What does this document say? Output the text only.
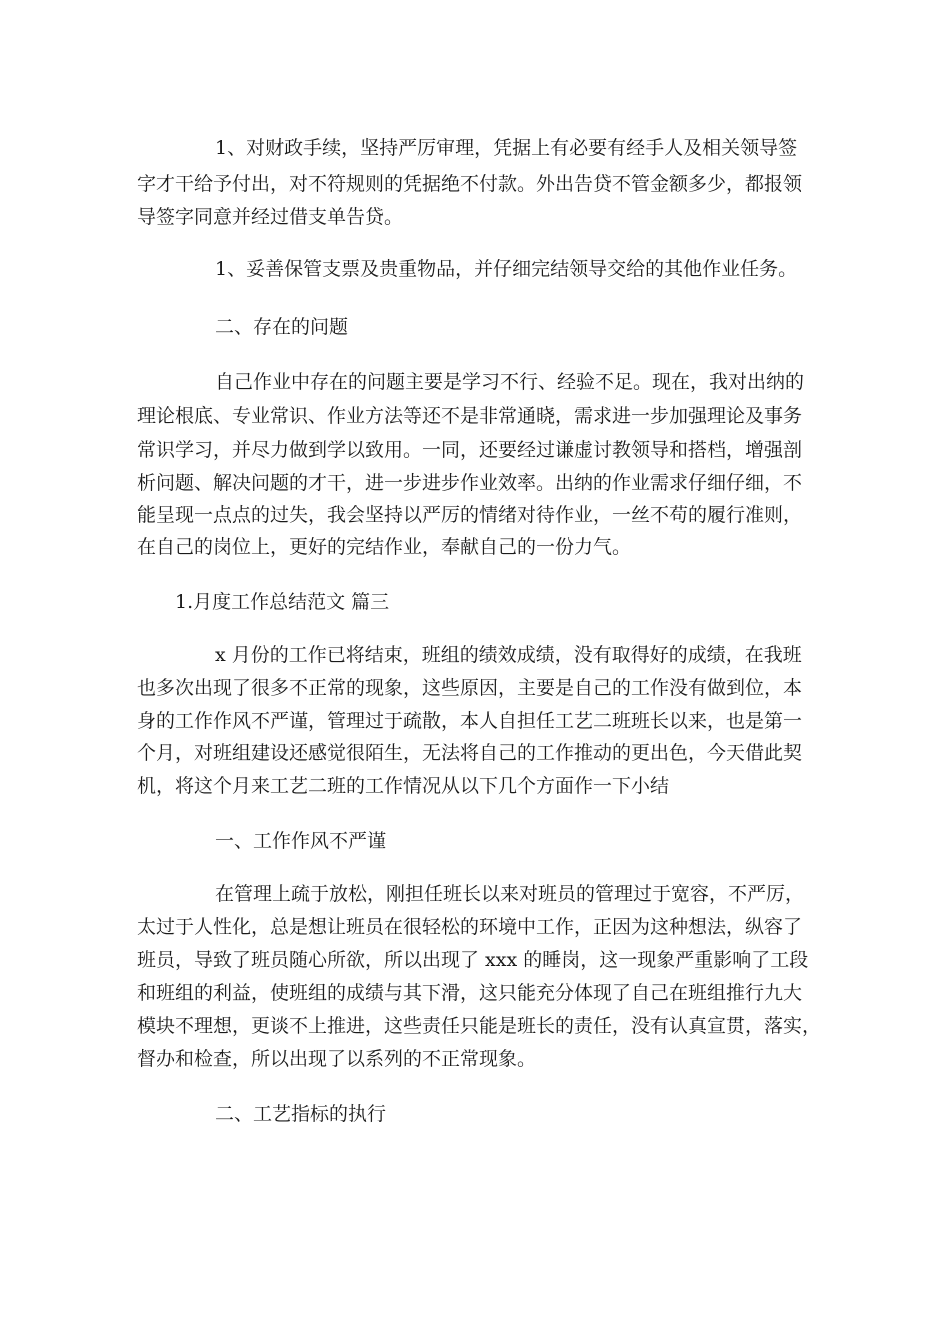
1、对财政手续，坚持严厉审理，凭据上有必要有经手人及相关领导签
字才干给予付出，对不符规则的凭据绝不付款。外出告贷不管金额多少，都报领
导签字同意并经过借支单告贷。
1、妥善保管支票及贵重物品，并仔细完结领导交给的其他作业任务。
二、存在的问题
自己作业中存在的问题主要是学习不行、经验不足。现在，我对出纳的
理论根底、专业常识、作业方法等还不是非常通晓，需求进一步加强理论及事务
常识学习，并尽力做到学以致用。一同，还要经过谦虚讨教领导和搭档，增强剖
析问题、解决问题的才干，进一步进步作业效率。出纳的作业需求仔细仔细，不
能呈现一点点的过失，我会坚持以严厉的情绪对待作业，一丝不苟的履行准则，
在自己的岗位上，更好的完结作业，奉献自己的一份力气。
1.月度工作总结范文 篇三
x 月份的工作已将结束，班组的绩效成绩，没有取得好的成绩，在我班
也多次出现了很多不正常的现象，这些原因，主要是自己的工作没有做到位，本
身的工作作风不严谨，管理过于疏散，本人自担任工艺二班班长以来，也是第一
个月，对班组建设还感觉很陌生，无法将自己的工作推动的更出色，今天借此契
机，将这个月来工艺二班的工作情况从以下几个方面作一下小结
一、工作作风不严谨
在管理上疏于放松，刚担任班长以来对班员的管理过于宽容，不严厉，
太过于人性化，总是想让班员在很轻松的环境中工作，正因为这种想法，纵容了
班员，导致了班员随心所欲，所以出现了 xxx 的睡岗，这一现象严重影响了工段
和班组的利益，使班组的成绩与其下滑，这只能充分体现了自己在班组推行九大
模块不理想，更谈不上推进，这些责任只能是班长的责任，没有认真宣贯，落实，
督办和检查，所以出现了以系列的不正常现象。
二、工艺指标的执行
